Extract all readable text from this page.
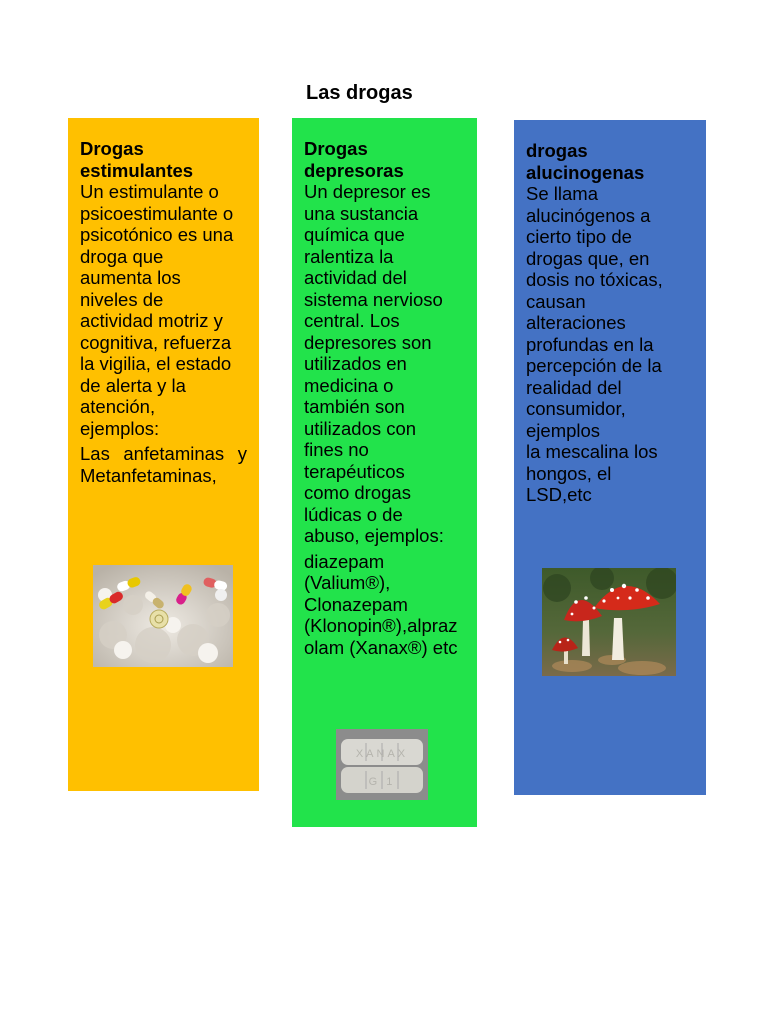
Las drogas
Drogas
estimulantes
Un estimulante o
psicoestimulante o
psicotónico es una
droga que
aumenta los
niveles de
actividad motriz y
cognitiva, refuerza
la vigilia, el estado
de alerta y la
atención,
ejemplos:
Las anfetaminas y
Metanfetaminas,
Drogas
depresoras
Un depresor es
una sustancia
química que
ralentiza la
actividad del
sistema nervioso
central. Los
depresores son
utilizados en
medicina o
también son
utilizados con
fines no
terapéuticos
como drogas
lúdicas o de
abuso, ejemplos:
diazepam
(Valium®),
Clonazepam
(Klonopin®),alpraz
olam (Xanax®) etc
drogas
alucinogenas
Se llama
alucinógenos a
cierto tipo de
drogas que, en
dosis no tóxicas,
causan
alteraciones
profundas en la
percepción de la
realidad del
consumidor,
ejemplos
la mescalina los
hongos, el
LSD,etc
XANAX
G 1
